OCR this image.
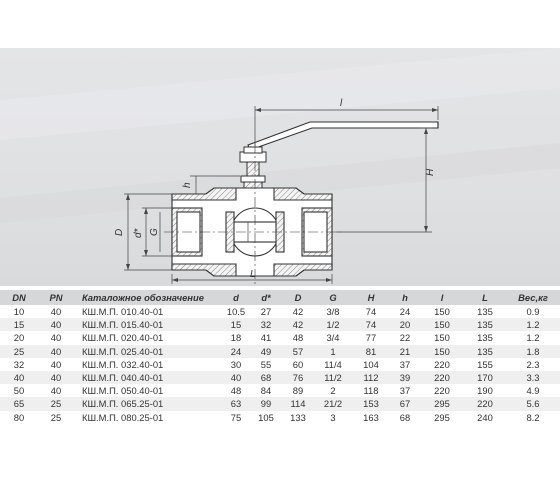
l
H
h
D d* G
L
DN	PN	Каталожное обозначение	d	d*	D	G	H	h	l	L	Вес,кг
10	40	КШ.М.П. 010.40-01	10.5	27	42	3/8	74	24	150	135	0.9
15	40	КШ.М.П. 015.40-01	15	32	42	1/2	74	20	150	135	1.2
20	40	КШ.М.П. 020.40-01	18	41	48	3/4	77	22	150	135	1.2
25	40	КШ.М.П. 025.40-01	24	49	57	1	81	21	150	135	1.8
32	40	КШ.М.П. 032.40-01	30	55	60	11/4	104	37	220	155	2.3
40	40	КШ.М.П. 040.40-01	40	68	76	11/2	112	39	220	170	3.3
50	40	КШ.М.П. 050.40-01	48	84	89	2	118	37	220	190	4.9
65	25	КШ.М.П. 065.25-01	63	99	114	21/2	153	67	295	220	5.6
80	25	КШ.М.П. 080.25-01	75	105	133	3	163	68	295	240	8.2
